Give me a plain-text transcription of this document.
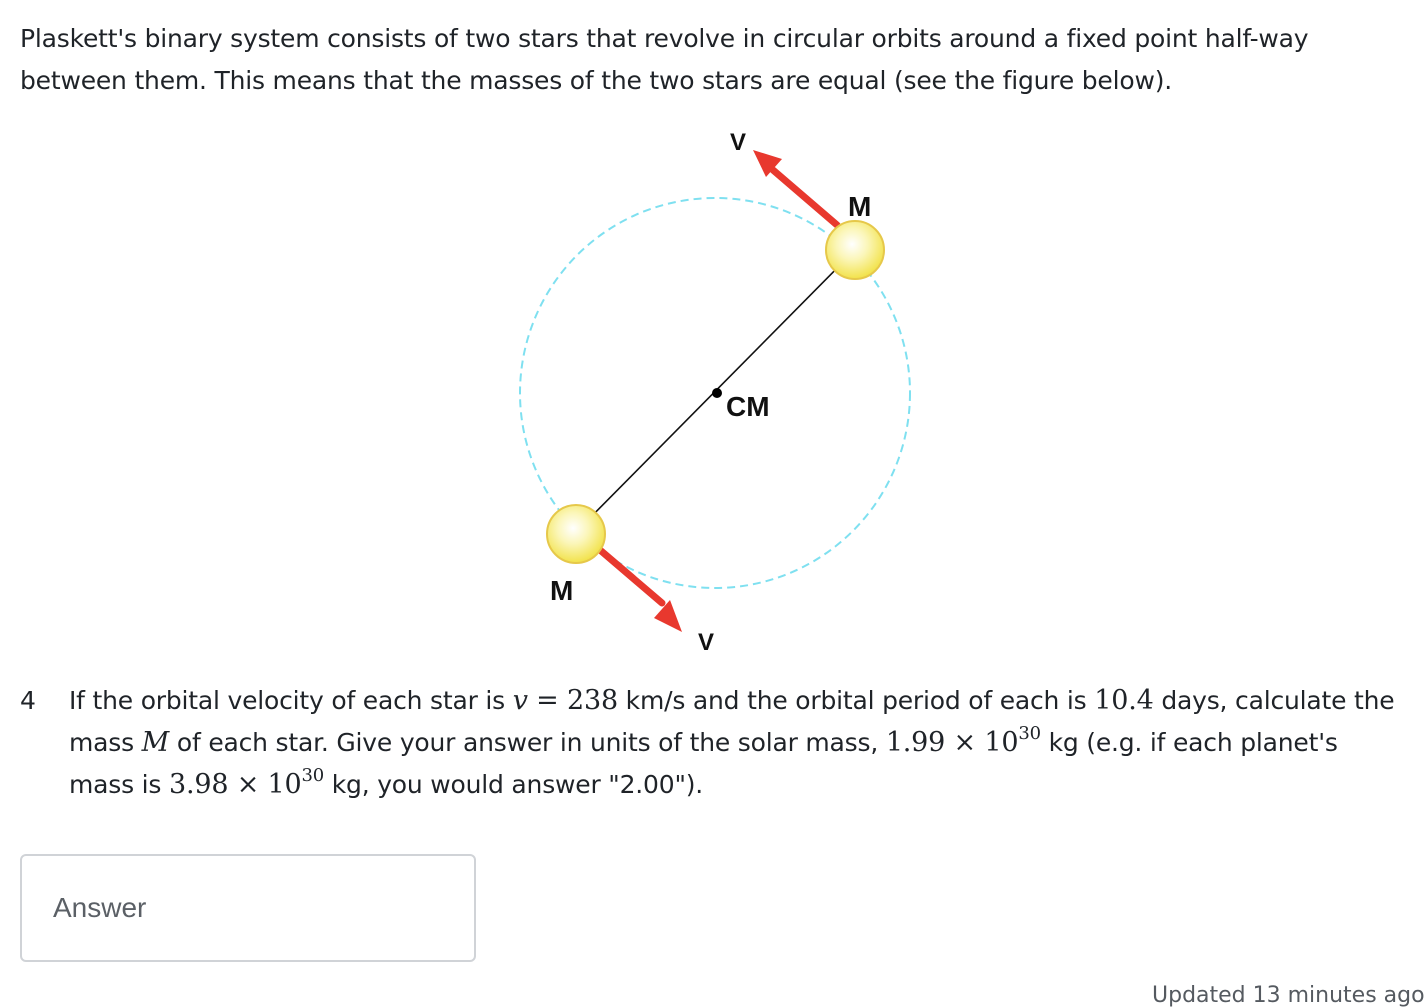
Plaskett's binary system consists of two stars that revolve in circular orbits around a fixed point half-way
between them. This means that the masses of the two stars are equal (see the figure below).
V
M
CM
M
V
4	If the orbital velocity of each star is v = 238 km/s and the orbital period of each is 10.4 days, calculate the
mass M of each star. Give your answer in units of the solar mass, $1.99 \times 10^{30}$ kg (e.g. if each planet's
mass is $3.98 \times 10^{30}$ kg, you would answer "2.00").
Answer
Updated 13 minutes ago
